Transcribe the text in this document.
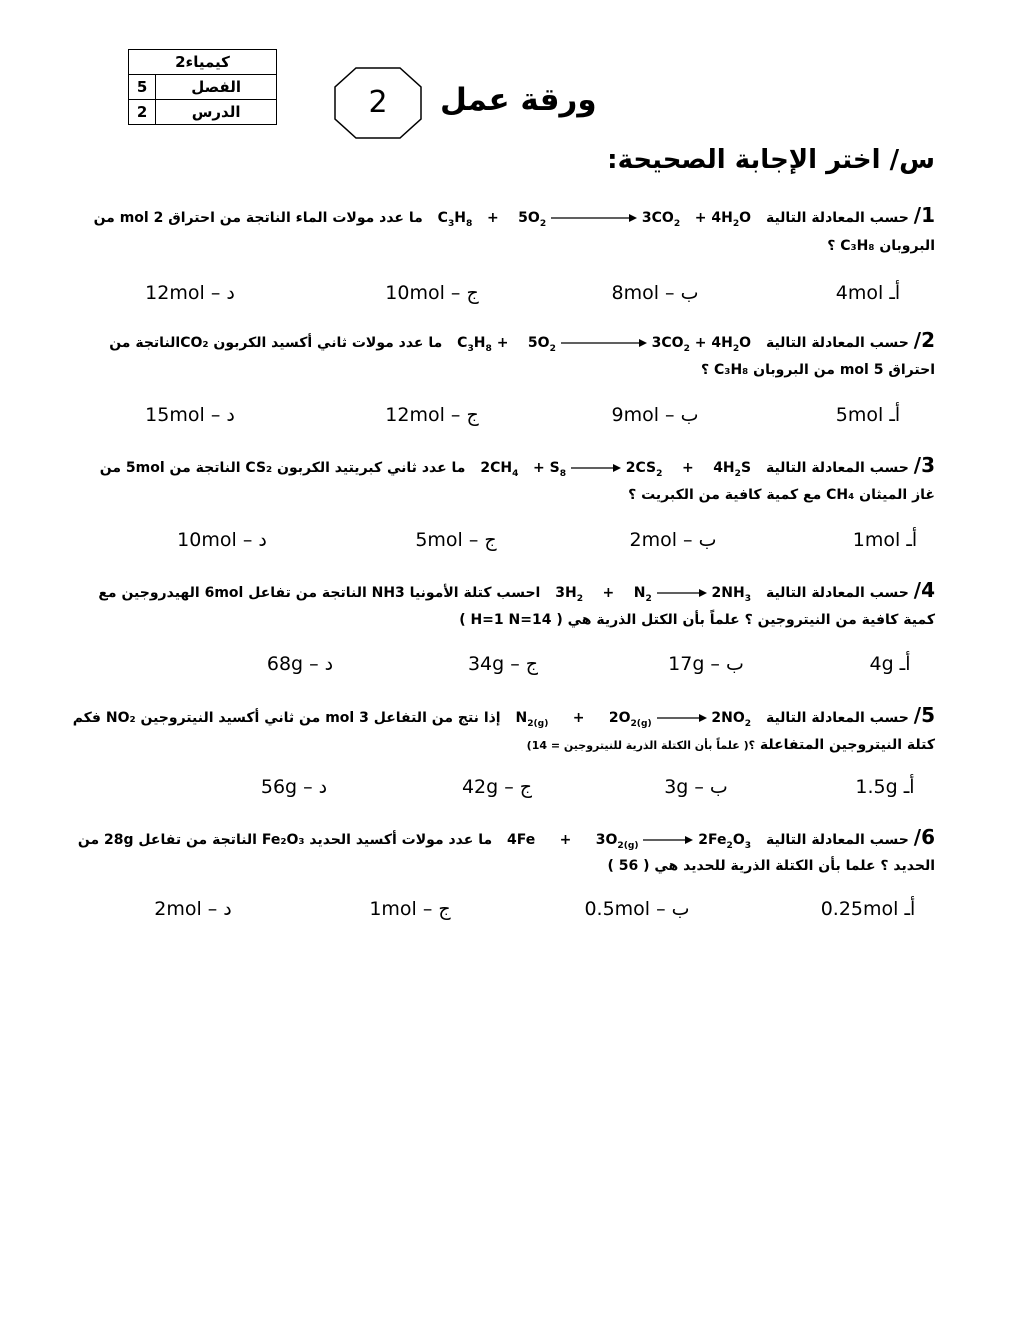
كيمياء2	
5	الفصل
2	الدرس	2	ورقة عمل
س/ اختر الإجابة الصحيحة:
1/ حسب المعادلة التالية $C_3H_8$   +    $5O_2$	$3CO_2 + 4H_2O$ ما عدد مولات الماء الناتجة من احتراق 2 mol من
البروبان C₃H₈ ؟
أـ 4mol
ب – 8mol
ج – 10mol
د – 12mol
2/ حسب المعادلة التالية $C_3H_8$ +    $5O_2$	$3CO_2 + 4H_2O$ ما عدد مولات ثاني أكسيد الكربون CO₂الناتجة من
احتراق 5 mol من البروبان C₃H₈ ؟
أـ 5mol
ب – 9mol
ج – 12mol
د – 15mol
3/ حسب المعادلة التالية $2CH_4 + S_8$	$2CS_2$    +    $4H_2S$ ما عدد ثاني كبريتيد الكربون CS₂ الناتجة من 5mol من
غاز الميثان CH₄ مع كمية كافية من الكبريت ؟
أـ 1mol
ب – 2mol
ج – 5mol
د – 10mol
4/ حسب المعادلة التالية $3H_2$    +    $N_2$	$2NH_3$ احسب كتلة الأمونيا NH3 الناتجة من تفاعل 6mol الهيدروجين مع
كمية كافية من النيتروجين ؟ علماً بأن الكتل الذرية هي ( H=1 N=14 )
أـ 4g
ب – 17g
ج – 34g
د – 68g
5/ حسب المعادلة التالية $N_{2(g)}$     +     $2O_{2(g)}$	$2NO_2$ إذا نتج من التفاعل 3 mol من ثاني أكسيد النيتروجين NO₂ فكم
كتلة النيتروجين المتفاعلة ؟( علماً بأن الكتلة الذرية للنيتروجين = 14)
أـ 1.5g
ب – 3g
ج – 42g
د – 56g
6/ حسب المعادلة التالية 4Fe     +     $3O_{2(g)}$	$2Fe_2O_3$ ما عدد مولات أكسيد الحديد Fe₂O₃ الناتجة من تفاعل 28g من
الحديد ؟ علما بأن الكتلة الذرية للحديد هي ( 56 )
أـ 0.25mol
ب – 0.5mol
ج – 1mol
د – 2mol
